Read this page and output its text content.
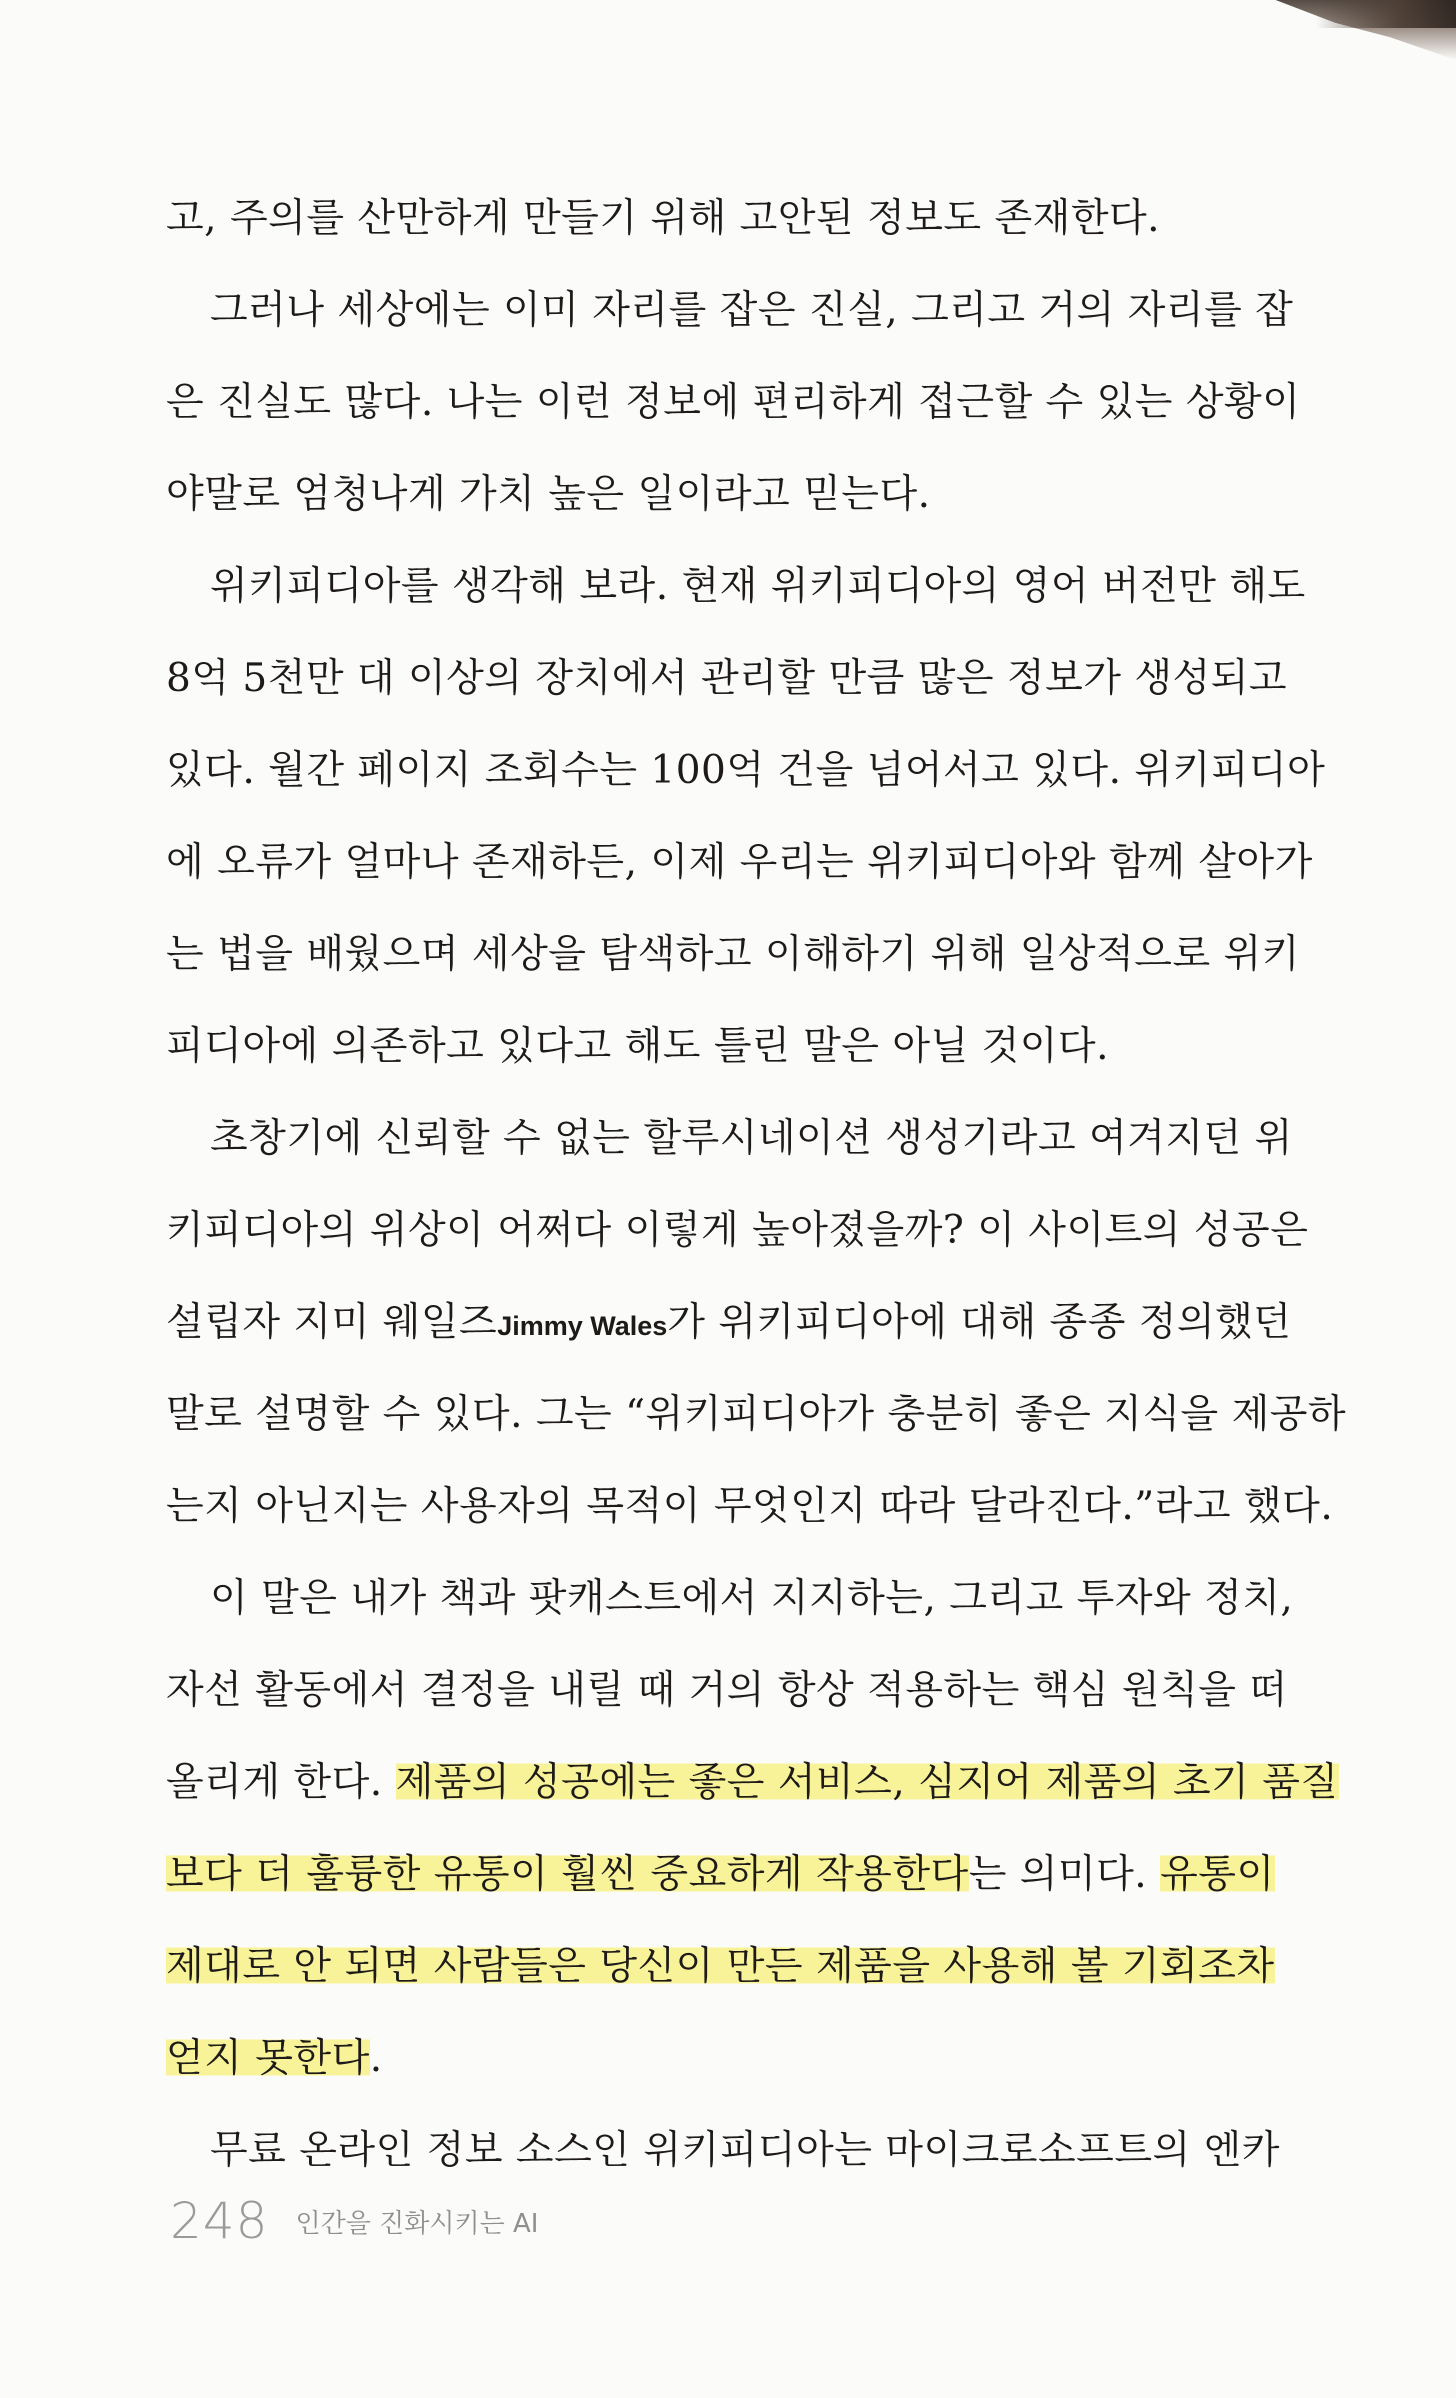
고, 주의를 산만하게 만들기 위해 고안된 정보도 존재한다.
그러나 세상에는 이미 자리를 잡은 진실, 그리고 거의 자리를 잡
은 진실도 많다. 나는 이런 정보에 편리하게 접근할 수 있는 상황이
야말로 엄청나게 가치 높은 일이라고 믿는다.
위키피디아를 생각해 보라. 현재 위키피디아의 영어 버전만 해도
8억 5천만 대 이상의 장치에서 관리할 만큼 많은 정보가 생성되고
있다. 월간 페이지 조회수는 100억 건을 넘어서고 있다. 위키피디아
에 오류가 얼마나 존재하든, 이제 우리는 위키피디아와 함께 살아가
는 법을 배웠으며 세상을 탐색하고 이해하기 위해 일상적으로 위키
피디아에 의존하고 있다고 해도 틀린 말은 아닐 것이다.
초창기에 신뢰할 수 없는 할루시네이션 생성기라고 여겨지던 위
키피디아의 위상이 어쩌다 이렇게 높아졌을까? 이 사이트의 성공은
설립자 지미 웨일즈Jimmy Wales가 위키피디아에 대해 종종 정의했던
말로 설명할 수 있다. 그는 “위키피디아가 충분히 좋은 지식을 제공하
는지 아닌지는 사용자의 목적이 무엇인지 따라 달라진다.”라고 했다.
이 말은 내가 책과 팟캐스트에서 지지하는, 그리고 투자와 정치,
자선 활동에서 결정을 내릴 때 거의 항상 적용하는 핵심 원칙을 떠
올리게 한다. 제품의 성공에는 좋은 서비스, 심지어 제품의 초기 품질
보다 더 훌륭한 유통이 훨씬 중요하게 작용한다는 의미다. 유통이
제대로 안 되면 사람들은 당신이 만든 제품을 사용해 볼 기회조차
얻지 못한다.
무료 온라인 정보 소스인 위키피디아는 마이크로소프트의 엔카
248 인간을 진화시키는 AI
